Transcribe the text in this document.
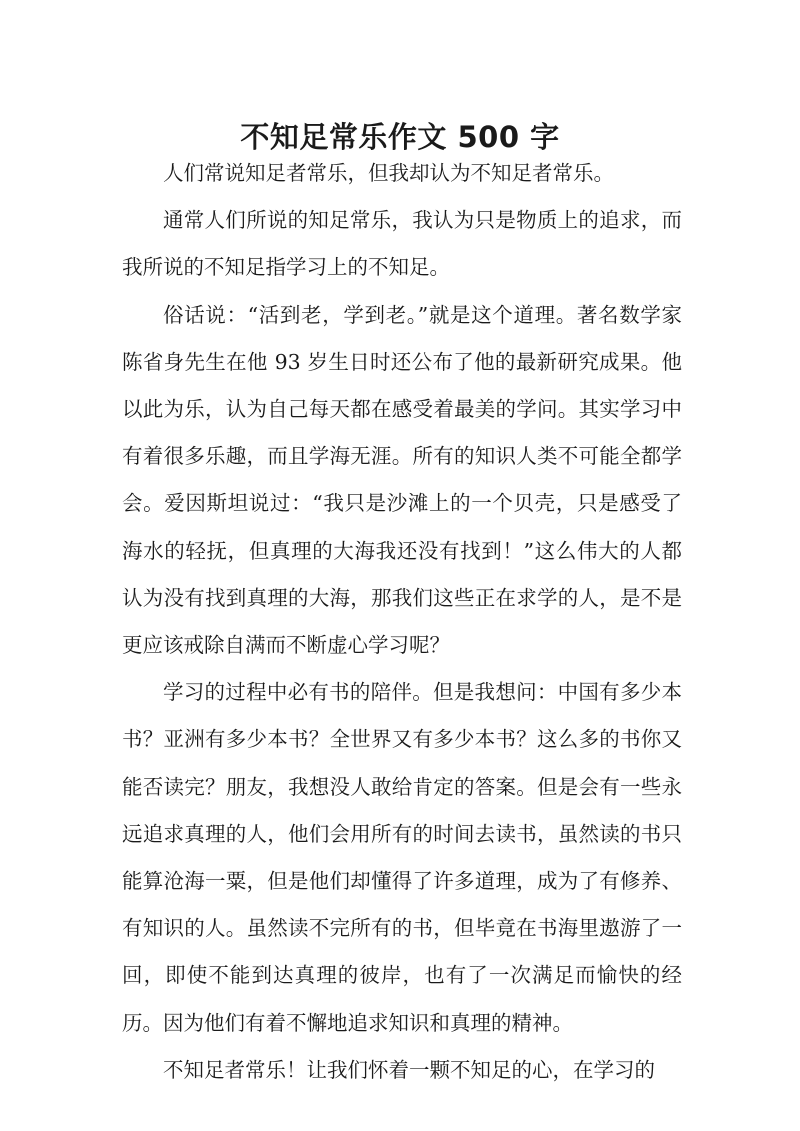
不知足常乐作文 500 字

人们常说知足者常乐，但我却认为不知足者常乐。

通常人们所说的知足常乐，我认为只是物质上的追求，而我所说的不知足指学习上的不知足。

俗话说：“活到老，学到老。”就是这个道理。著名数学家陈省身先生在他 93 岁生日时还公布了他的最新研究成果。他以此为乐，认为自己每天都在感受着最美的学问。其实学习中有着很多乐趣，而且学海无涯。所有的知识人类不可能全都学会。爱因斯坦说过：“我只是沙滩上的一个贝壳，只是感受了海水的轻抚，但真理的大海我还没有找到！”这么伟大的人都认为没有找到真理的大海，那我们这些正在求学的人，是不是更应该戒除自满而不断虚心学习呢？

学习的过程中必有书的陪伴。但是我想问：中国有多少本书？亚洲有多少本书？全世界又有多少本书？这么多的书你又能否读完？朋友，我想没人敢给肯定的答案。但是会有一些永远追求真理的人，他们会用所有的时间去读书，虽然读的书只能算沧海一粟，但是他们却懂得了许多道理，成为了有修养、有知识的人。虽然读不完所有的书，但毕竟在书海里遨游了一回，即使不能到达真理的彼岸，也有了一次满足而愉快的经历。因为他们有着不懈地追求知识和真理的精神。

不知足者常乐！让我们怀着一颗不知足的心，在学习的
